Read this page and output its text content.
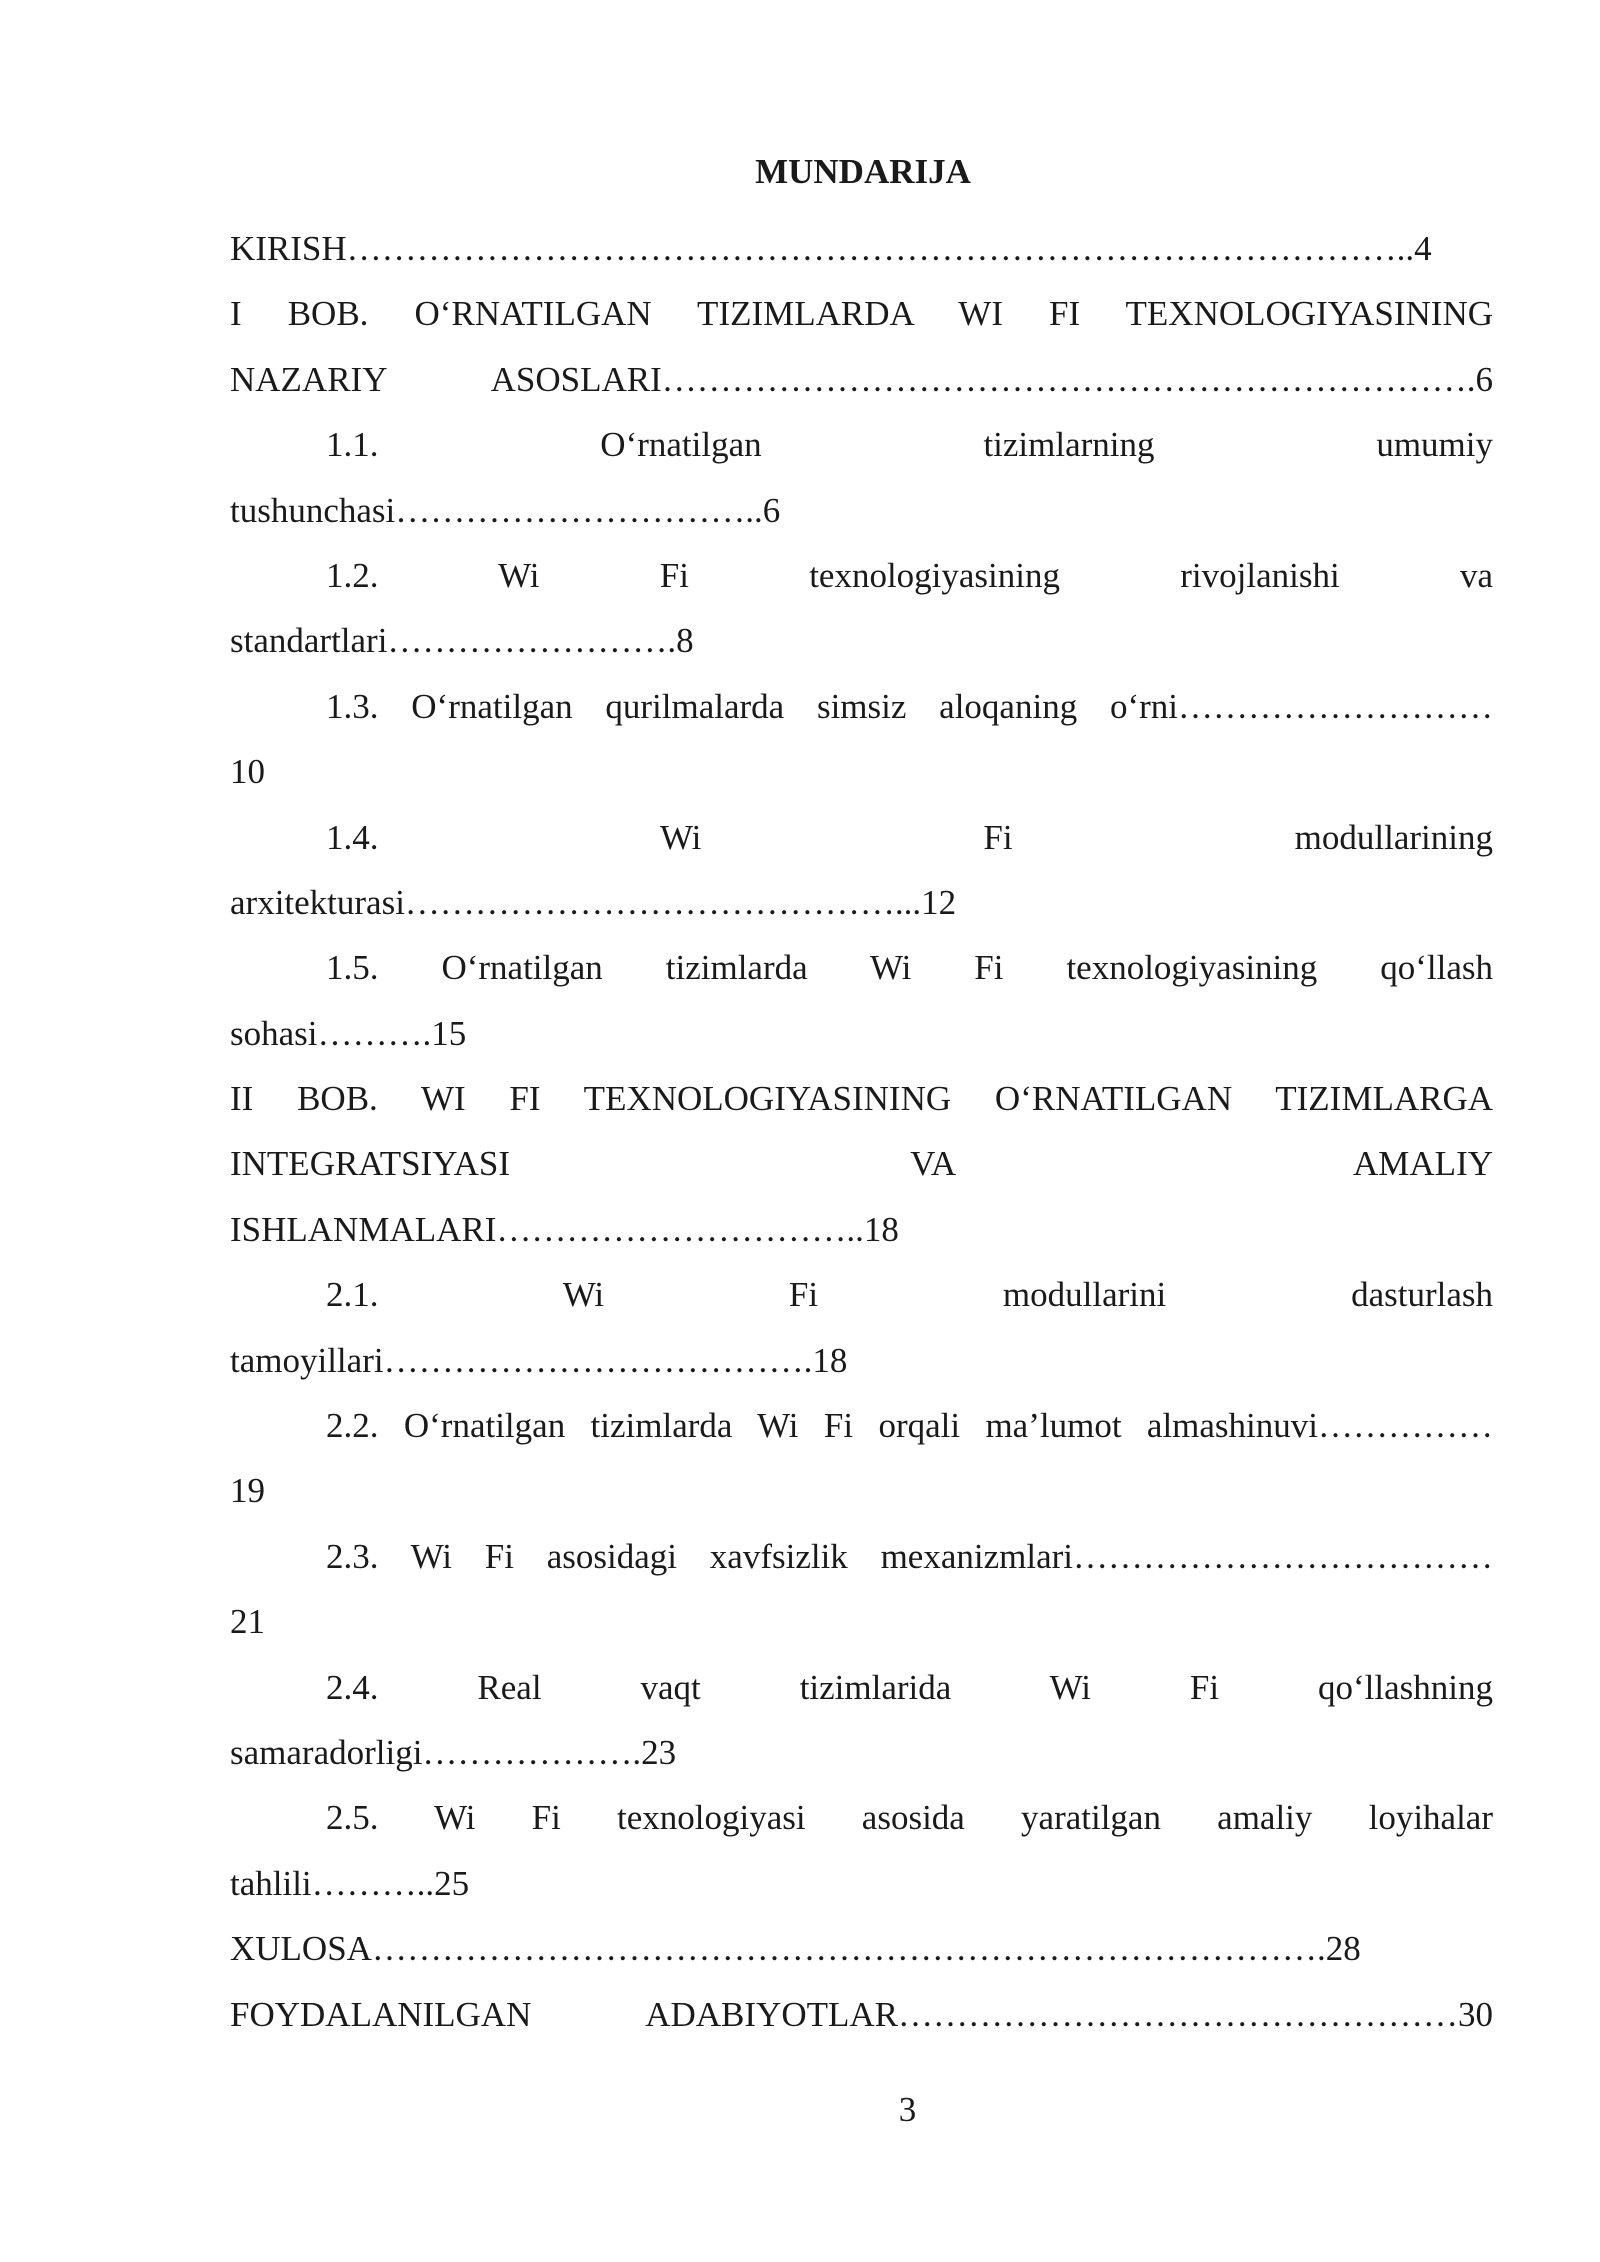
MUNDARIJA
KIRISH………………………………………………………………………………..4
I BOB. O‘RNATILGAN TIZIMLARDA WI FI TEXNOLOGIYASINING
NAZARIY ASOSLARI…………………………………………………………….6
1.1. O‘rnatilgan tizimlarning umumiy
tushunchasi…………………………..6
1.2. Wi Fi texnologiyasining rivojlanishi va
standartlari…………………….8
1.3. O‘rnatilgan qurilmalarda simsiz aloqaning o‘rni………………………
10
1.4. Wi Fi modullarining
arxitekturasi……………………………………...12
1.5. O‘rnatilgan tizimlarda Wi Fi texnologiyasining qo‘llash
sohasi……….15
II BOB. WI FI TEXNOLOGIYASINING O‘RNATILGAN TIZIMLARGA
INTEGRATSIYASI VA AMALIY
ISHLANMALARI…………………………..18
2.1. Wi Fi modullarini dasturlash
tamoyillari……………………………….18
2.2. O‘rnatilgan tizimlarda Wi Fi orqali ma’lumot almashinuvi……………
19
2.3. Wi Fi asosidagi xavfsizlik mexanizmlari………………………………
21
2.4. Real vaqt tizimlarida Wi Fi qo‘llashning
samaradorligi……………….23
2.5. Wi Fi texnologiyasi asosida yaratilgan amaliy loyihalar
tahlili………..25
XULOSA……………………………………………………………………….28
FOYDALANILGAN ADABIYOTLAR…………………………………………30
3
